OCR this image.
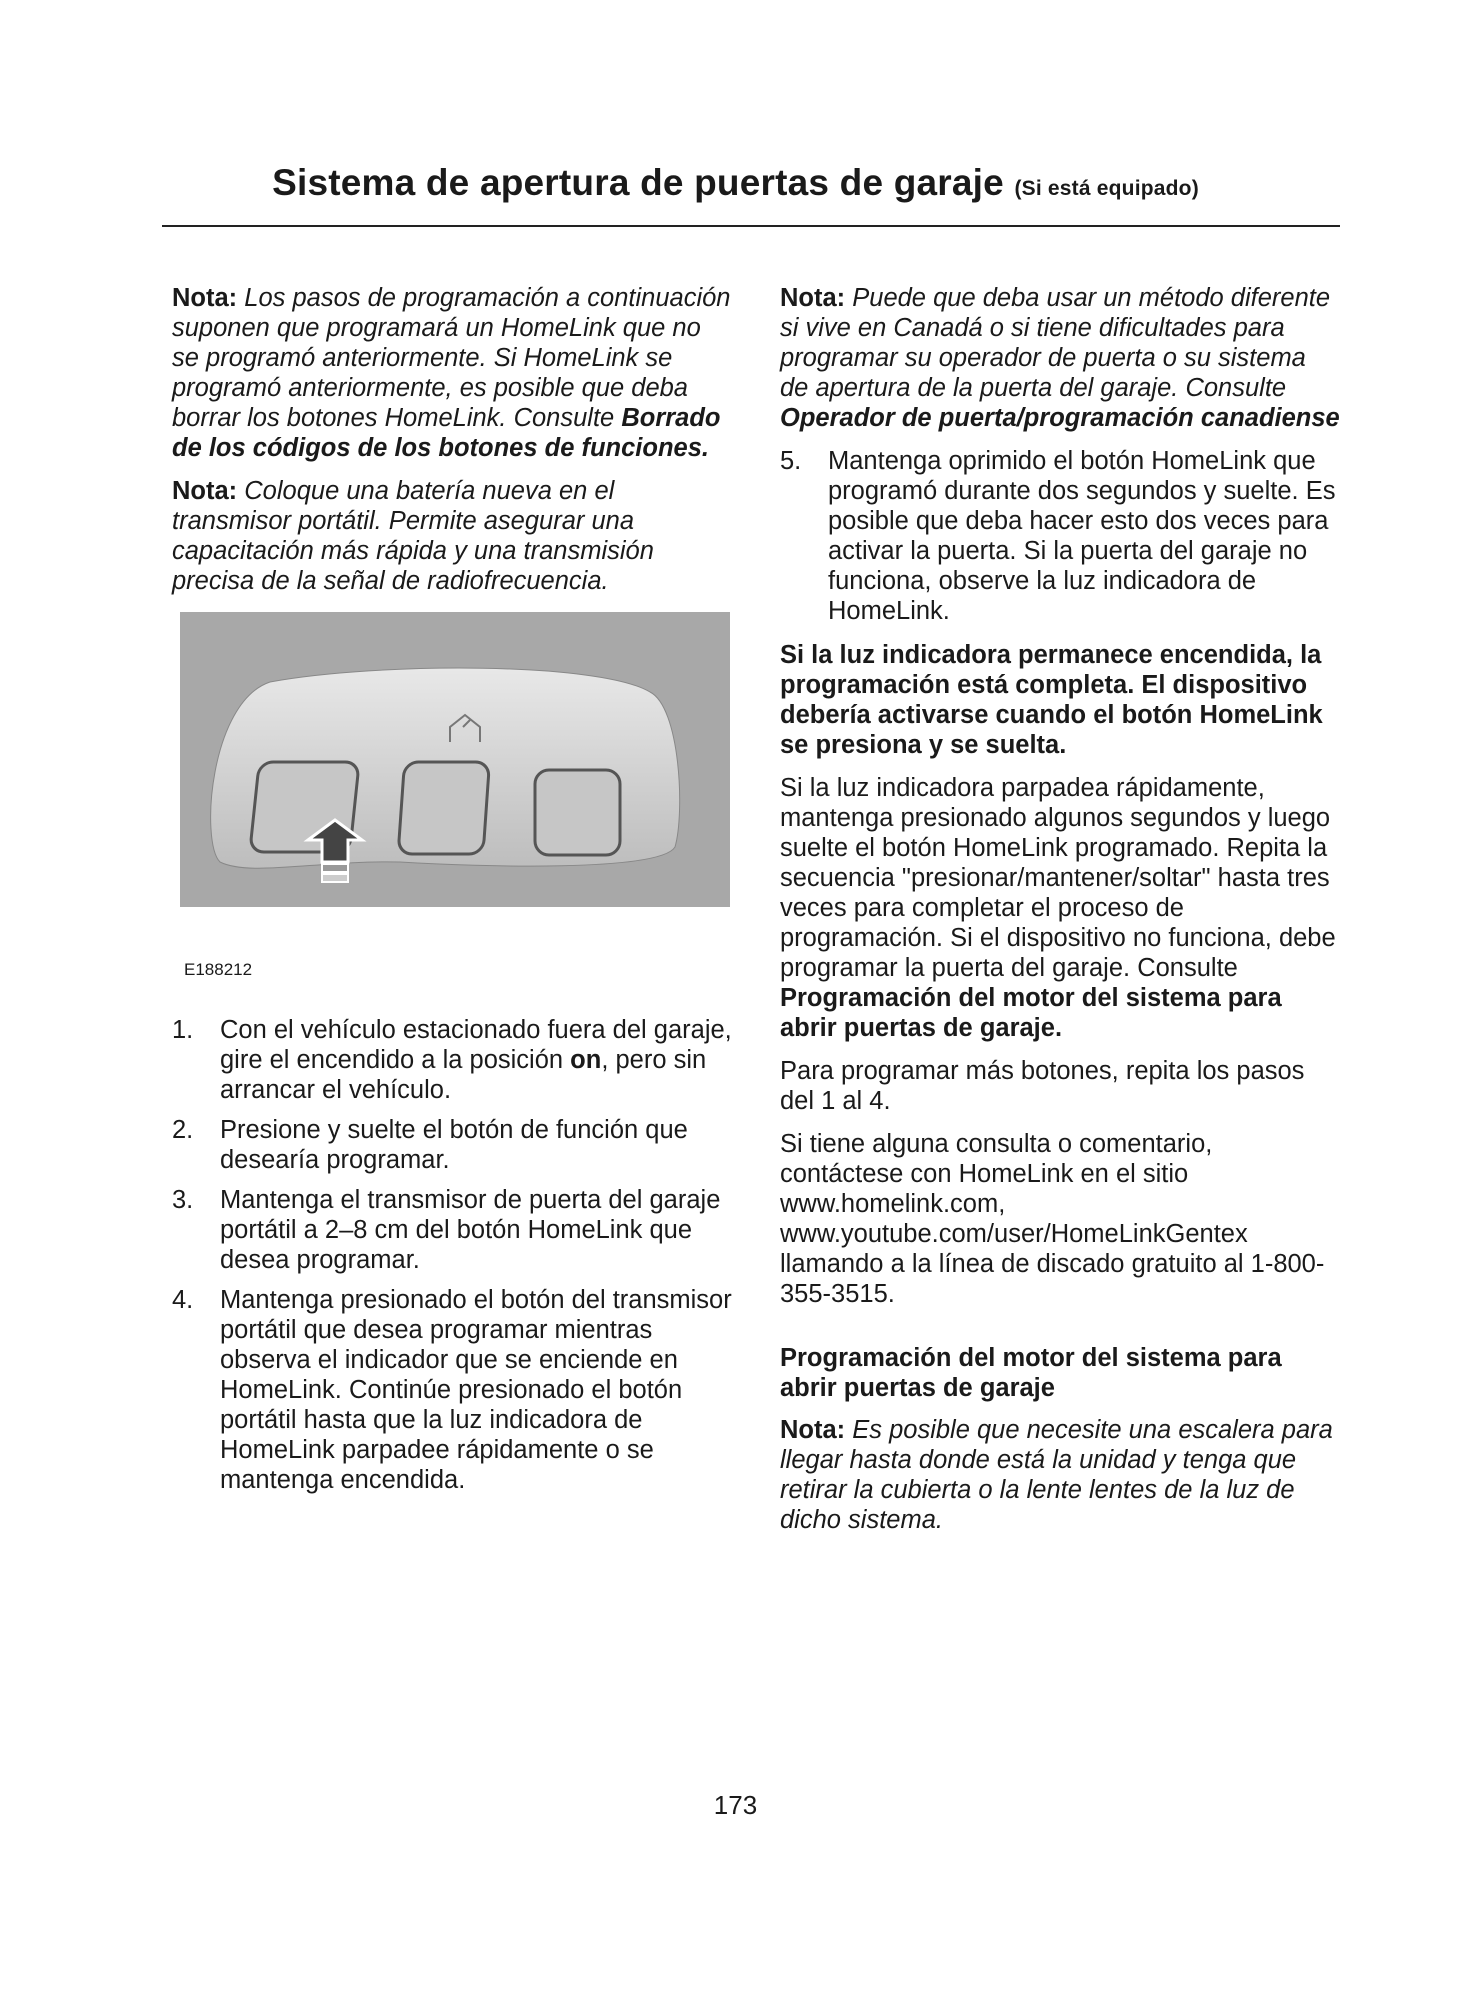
Sistema de apertura de puertas de garaje (Si está equipado)

Nota: Los pasos de programación a continuación suponen que programará un HomeLink que no se programó anteriormente. Si HomeLink se programó anteriormente, es posible que deba borrar los botones HomeLink. Consulte Borrado de los códigos de los botones de funciones.

Nota: Coloque una batería nueva en el transmisor portátil. Permite asegurar una capacitación más rápida y una transmisión precisa de la señal de radiofrecuencia.

E188212
1.	Con el vehículo estacionado fuera del garaje, gire el encendido a la posición on, pero sin arrancar el vehículo.
2.	Presione y suelte el botón de función que desearía programar.
3.	Mantenga el transmisor de puerta del garaje portátil a 2–8 cm del botón HomeLink que desea programar.
4.	Mantenga presionado el botón del transmisor portátil que desea programar mientras observa el indicador que se enciende en HomeLink. Continúe presionado el botón portátil hasta que la luz indicadora de HomeLink parpadee rápidamente o se mantenga encendida.

Nota: Puede que deba usar un método diferente si vive en Canadá o si tiene dificultades para programar su operador de puerta o su sistema de apertura de la puerta del garaje. Consulte Operador de puerta/programación canadiense

5.	Mantenga oprimido el botón HomeLink que programó durante dos segundos y suelte. Es posible que deba hacer esto dos veces para activar la puerta. Si la puerta del garaje no funciona, observe la luz indicadora de HomeLink.

Si la luz indicadora permanece encendida, la programación está completa. El dispositivo debería activarse cuando el botón HomeLink se presiona y se suelta.

Si la luz indicadora parpadea rápidamente, mantenga presionado algunos segundos y luego suelte el botón HomeLink programado. Repita la secuencia "presionar/mantener/soltar" hasta tres veces para completar el proceso de programación. Si el dispositivo no funciona, debe programar la puerta del garaje. Consulte Programación del motor del sistema para abrir puertas de garaje.

Para programar más botones, repita los pasos del 1 al 4.

Si tiene alguna consulta o comentario, contáctese con HomeLink en el sitio www.homelink.com, www.youtube.com/user/HomeLinkGentex llamando a la línea de discado gratuito al 1-800-355-3515.

Programación del motor del sistema para abrir puertas de garaje

Nota: Es posible que necesite una escalera para llegar hasta donde está la unidad y tenga que retirar la cubierta o la lente lentes de la luz de dicho sistema.

173
